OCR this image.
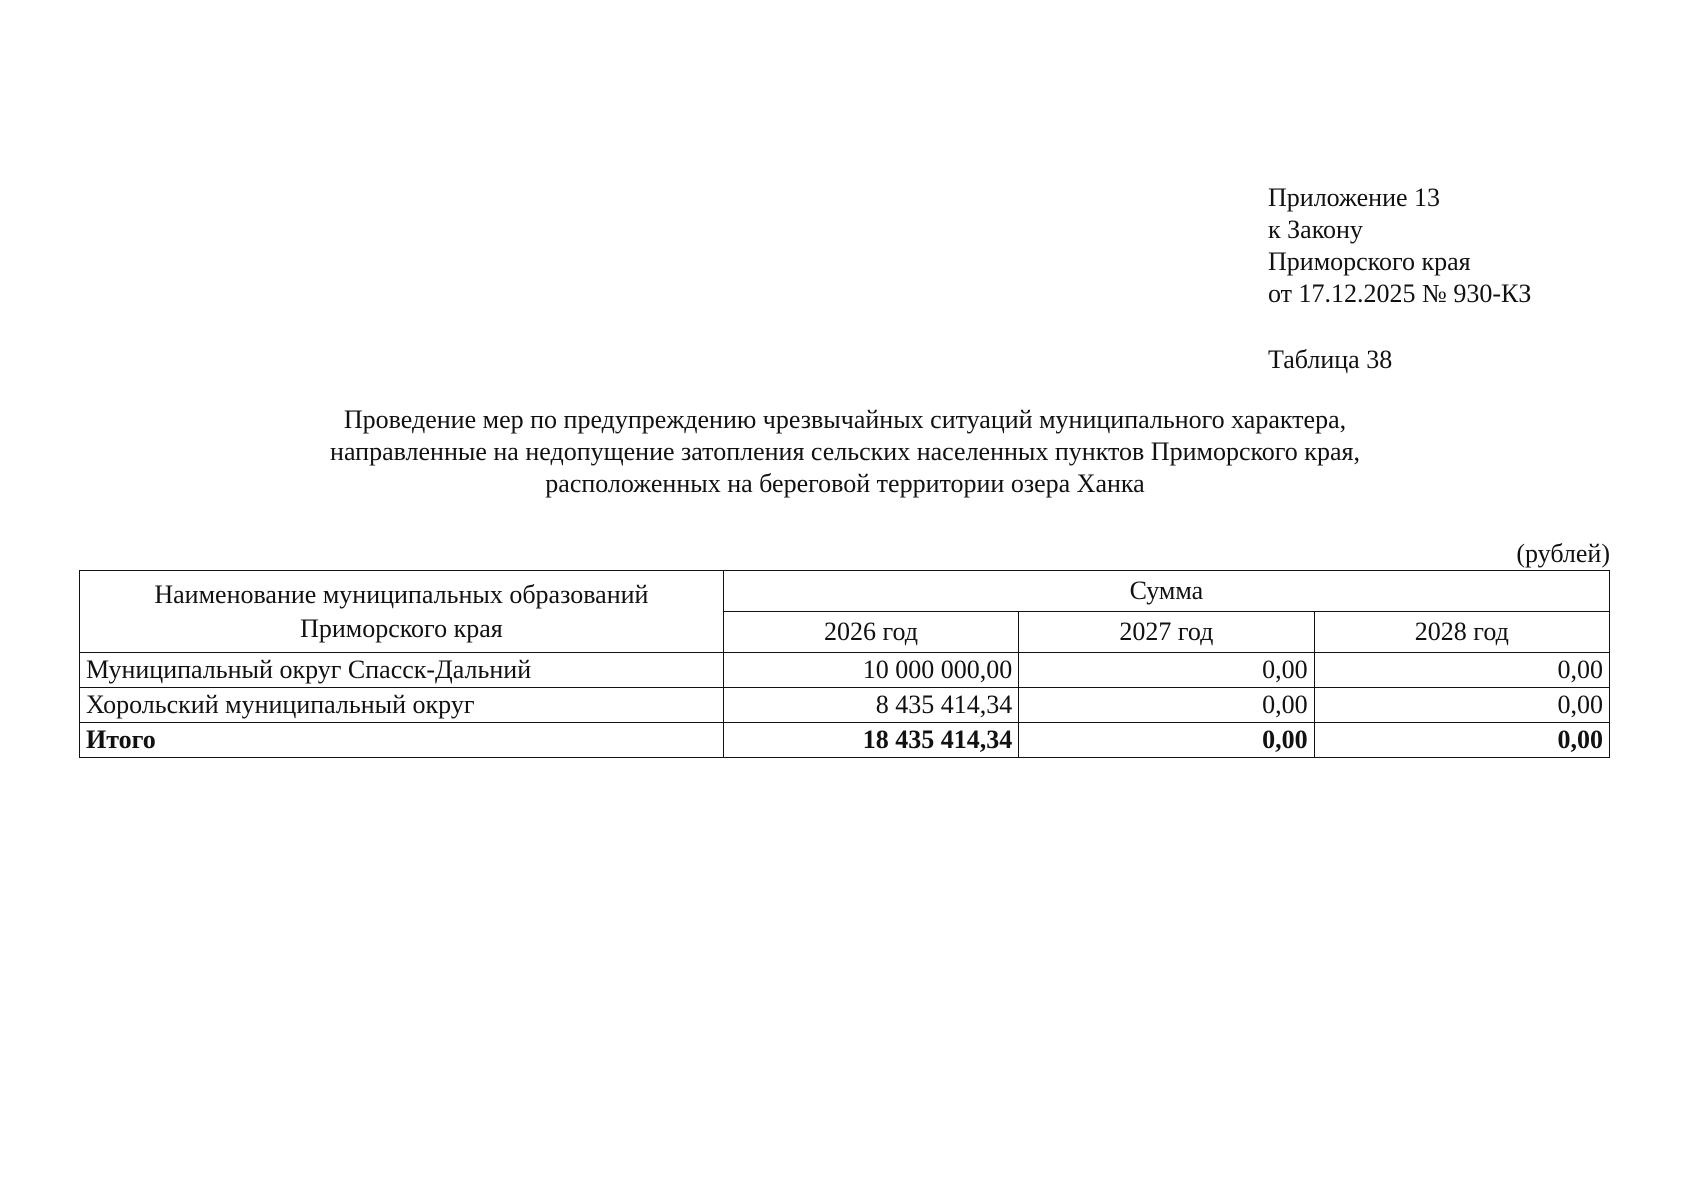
Приложение 13
к Закону
Приморского края
от 17.12.2025 № 930-КЗ
Таблица 38
Проведение мер по предупреждению чрезвычайных ситуаций муниципального характера,
направленные на недопущение затопления сельских населенных пунктов Приморского края,
расположенных на береговой территории озера Ханка
(рублей)
Наименование муниципальных образований Приморского края	Сумма		
	2026 год	2027 год	2028 год
Муниципальный округ Спасск-Дальний	10 000 000,00	0,00	0,00
Хорольский муниципальный округ	8 435 414,34	0,00	0,00
Итого	18 435 414,34	0,00	0,00
